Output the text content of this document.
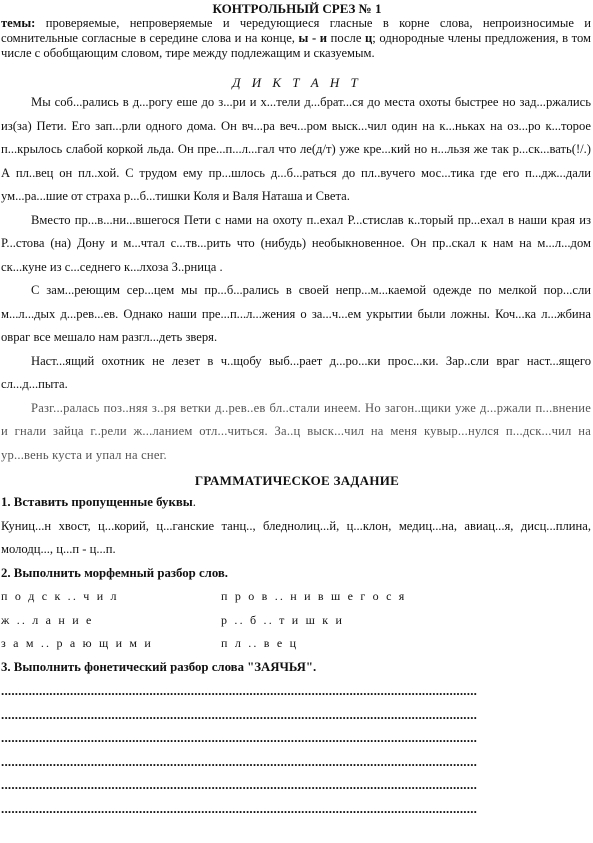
КОНТРОЛЬНЫЙ СРЕЗ № 1

темы: проверяемые, непроверяемые и чередующиеся гласные в корне слова, непроизносимые и сомнительные согласные в середине слова и на конце, ы - и после ц; однородные члены предложения, в том числе с обобщающим словом, тире между подлежащим и сказуемым.

Д И К Т А Н Т

Мы соб...рались в д...рогу еше до з...ри и х...тели д...брат...ся до места охоты быстрее но зад...ржались из(за) Пети. Его зап...рли одного дома. Он вч...ра веч...ром выск...чил один на к...ньках на оз...ро к...торое п...крылось слабой коркой льда. Он пре...п...л...гал что ле(д/т) уже кре...кий но н...льзя же так р...ск...вать(!/.) А пл..вец он пл..хой. С трудом ему пр...шлось д...б...раться до пл..вучего мос...тика где его п...дж...дали ум...ра...шие от страха р...б...тишки Коля и Валя Наташа и Света.

Вместо пр...в...ни...вшегося Пети с нами на охоту п..ехал Р...стислав к..торый пр...ехал в наши края из Р...стова (на) Дону и м...чтал с...тв...рить что (нибудь) необыкновенное. Он пр..скал к нам на м...л...дом ск...куне из с...седнего к...лхоза З..рница .

С зам...реющим сер...цем мы пр...б...рались в своей непр...м...каемой одежде по мелкой пор...сли м...л...дых д...рев...ев. Однако наши пре...п...л...жения о за...ч...ем укрытии были ложны. Коч...ка л...жбина овраг все мешало нам разгл...деть зверя.

Наст...ящий охотник не лезет в ч..щобу выб...рает д...ро...ки прос...ки. Зар..сли враг наст...ящего сл...д...пыта.

Разг...ралась поз..няя з..ря ветки д..рев..ев бл..стали инеем. Но загон..щики уже д...ржали п...внение и гнали зайца г..рели ж...ланием отл...читься. За..ц выск...чил на меня кувыр...нулся п...дск...чил на ур...вень куста и упал на снег.

ГРАММАТИЧЕСКОЕ ЗАДАНИЕ

1. Вставить пропущенные буквы.

Куниц...н хвост, ц...корий, ц...ганские танц.., бледнолиц...й, ц...клон, медиц...на, авиац...я, дисц...плина, молодц..., ц...п - ц...п.

2. Выполнить морфемный разбор слов.

п о д с к .. ч и л	п р о в .. н и в ш е г о с я
ж .. л а н и е	р .. б .. т и ш к и
з а м .. р а ю щ и м и	п л .. в е ц

3. Выполнить фонетический разбор слова "ЗАЯЧЬЯ".

..........................................................................................................................................

..........................................................................................................................................

..........................................................................................................................................

..........................................................................................................................................

..........................................................................................................................................

..........................................................................................................................................
